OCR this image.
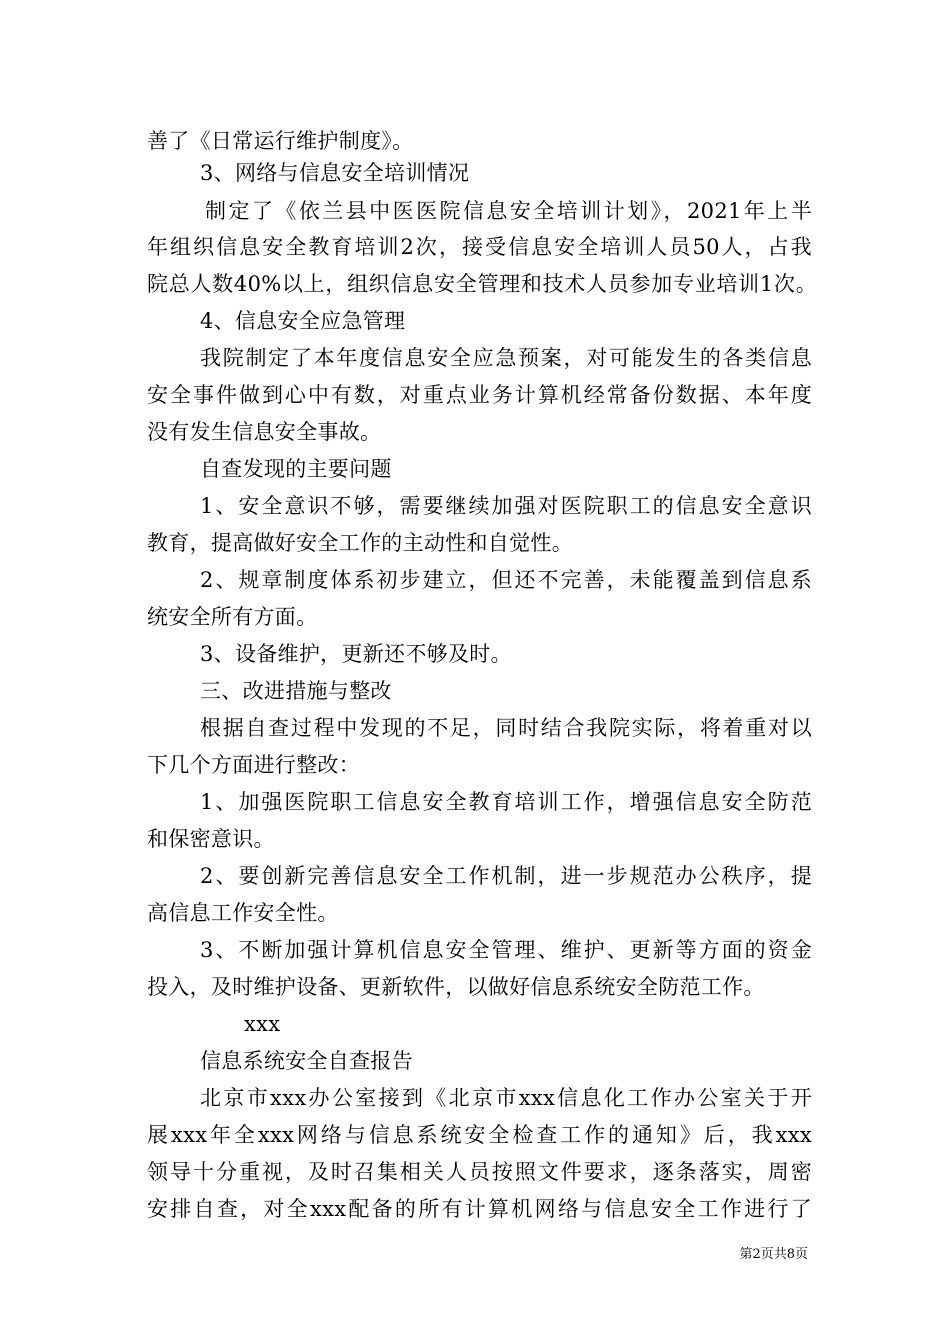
善了《日常运行维护制度》。
3、网络与信息安全培训情况
制定了《依兰县中医医院信息安全培训计划》，2021年上半
年组织信息安全教育培训2次，接受信息安全培训人员50人，占我
院总人数40%以上，组织信息安全管理和技术人员参加专业培训1次。
4、信息安全应急管理
我院制定了本年度信息安全应急预案，对可能发生的各类信息
安全事件做到心中有数，对重点业务计算机经常备份数据、本年度
没有发生信息安全事故。
自查发现的主要问题
1、安全意识不够，需要继续加强对医院职工的信息安全意识
教育，提高做好安全工作的主动性和自觉性。
2、规章制度体系初步建立，但还不完善，未能覆盖到信息系
统安全所有方面。
3、设备维护，更新还不够及时。
三、改进措施与整改
根据自查过程中发现的不足，同时结合我院实际，将着重对以
下几个方面进行整改：
1、加强医院职工信息安全教育培训工作，增强信息安全防范
和保密意识。
2、要创新完善信息安全工作机制，进一步规范办公秩序，提
高信息工作安全性。
3、不断加强计算机信息安全管理、维护、更新等方面的资金
投入，及时维护设备、更新软件，以做好信息系统安全防范工作。
xxx
信息系统安全自查报告
北京市xxx办公室接到《北京市xxx信息化工作办公室关于开
展xxx年全xxx网络与信息系统安全检查工作的通知》后，我xxx
领导十分重视，及时召集相关人员按照文件要求，逐条落实，周密
安排自查，对全xxx配备的所有计算机网络与信息安全工作进行了
第2页共8页
